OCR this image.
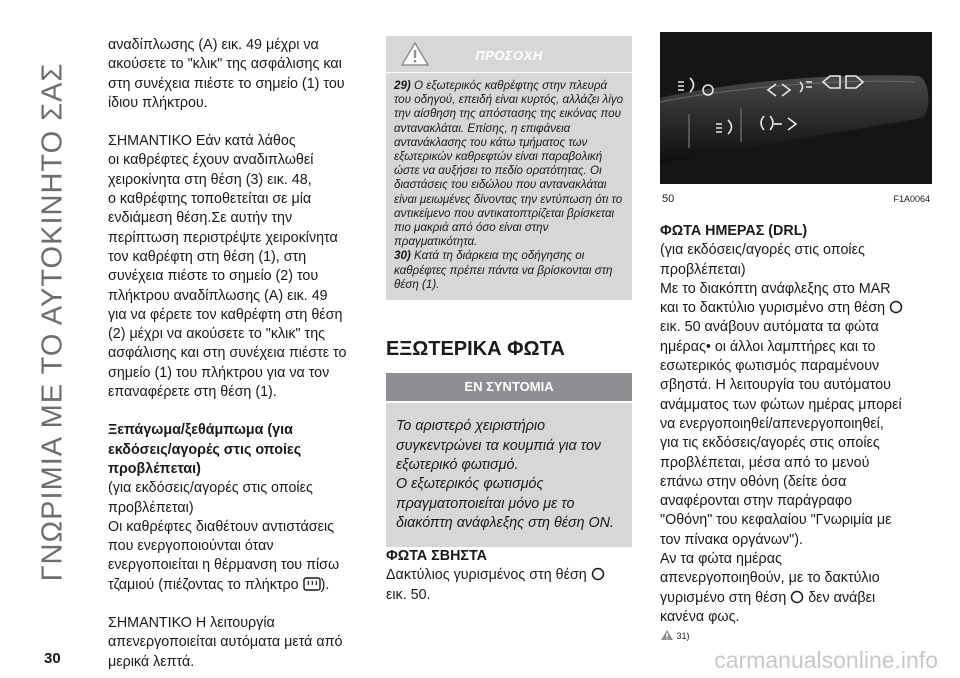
ΓΝΩΡΙΜΙΑ ΜΕ ΤΟ ΑΥΤΟΚΙΝΗΤΟ ΣΑΣ

αναδίπλωσης (A) εικ. 49 μέχρι να
ακούσετε το "κλικ" της ασφάλισης και
στη συνέχεια πιέστε το σημείο (1) του
ίδιου πλήκτρου.

ΣΗΜΑΝΤΙΚΟ Εάν κατά λάθος
οι καθρέφτες έχουν αναδιπλωθεί
χειροκίνητα στη θέση (3) εικ. 48,
ο καθρέφτης τοποθετείται σε μία
ενδιάμεση θέση.Σε αυτήν την
περίπτωση περιστρέψτε χειροκίνητα
τον καθρέφτη στη θέση (1), στη
συνέχεια πιέστε το σημείο (2) του
πλήκτρου αναδίπλωσης (A) εικ. 49
για να φέρετε τον καθρέφτη στη θέση
(2) μέχρι να ακούσετε το "κλικ" της
ασφάλισης και στη συνέχεια πιέστε το
σημείο (1) του πλήκτρου για να τον
επαναφέρετε στη θέση (1).

Ξεπάγωμα/ξεθάμπωμα (για
εκδόσεις/αγορές στις οποίες
προβλέπεται)

(για εκδόσεις/αγορές στις οποίες
προβλέπεται)

Οι καθρέφτες διαθέτουν αντιστάσεις
που ενεργοποιούνται όταν
ενεργοποιείται η θέρμανση του πίσω
τζαμιού (πιέζοντας το πλήκτρο ).

ΣΗΜΑΝΤΙΚΟ Η λειτουργία
απενεργοποιείται αυτόματα μετά από
μερικά λεπτά.

ΠΡΟΣΟΧΗ

29) Ο εξωτερικός καθρέφτης στην πλευρά του οδηγού, επειδή είναι κυρτός, αλλάζει λίγο την αίσθηση της απόστασης της εικόνας που αντανακλάται. Επίσης, η επιφάνεια αντανάκλασης του κάτω τμήματος των εξωτερικών καθρεφτών είναι παραβολική ώστε να αυξήσει το πεδίο ορατότητας. Οι διαστάσεις του ειδώλου που αντανακλάται είναι μειωμένες δίνοντας την εντύπωση ότι το αντικείμενο που αντικατοπτρίζεται βρίσκεται πιο μακριά από όσο είναι στην πραγματικότητα.

30) Κατά τη διάρκεια της οδήγησης οι καθρέφτες πρέπει πάντα να βρίσκονται στη θέση (1).

ΕΞΩΤΕΡΙΚΑ ΦΩΤΑ
ΕΝ ΣΥΝΤΟΜΙΑ

Το αριστερό χειριστήριο
συγκεντρώνει τα κουμπιά για τον
εξωτερικό φωτισμό.

Ο εξωτερικός φωτισμός
πραγματοποιείται μόνο με το
διακόπτη ανάφλεξης στη θέση ON.

ΦΩΤΑ ΣΒΗΣΤΑ

Δακτύλιος γυρισμένος στη θέση
εικ. 50.

50	F1A0064

ΦΩΤΑ ΗΜΕΡΑΣ (DRL)

(για εκδόσεις/αγορές στις οποίες
προβλέπεται)

Με το διακόπτη ανάφλεξης στο MAR
και το δακτύλιο γυρισμένο στη θέση
εικ. 50 ανάβουν αυτόματα τα φώτα
ημέρας• οι άλλοι λαμπτήρες και το
εσωτερικός φωτισμός παραμένουν
σβηστά. Η λειτουργία του αυτόματου
ανάμματος των φώτων ημέρας μπορεί
να ενεργοποιηθεί/απενεργοποιηθεί,
για τις εκδόσεις/αγορές στις οποίες
προβλέπεται, μέσα από το μενού
επάνω στην οθόνη (δείτε όσα
αναφέρονται στην παράγραφο
"Οθόνη" του κεφαλαίου "Γνωριμία με
τον πίνακα οργάνων").

Αν τα φώτα ημέρας
απενεργοποιηθούν, με το δακτύλιο
γυρισμένο στη θέση  δεν ανάβει
κανένα φως.

31)

30	carmanualsonline.info
